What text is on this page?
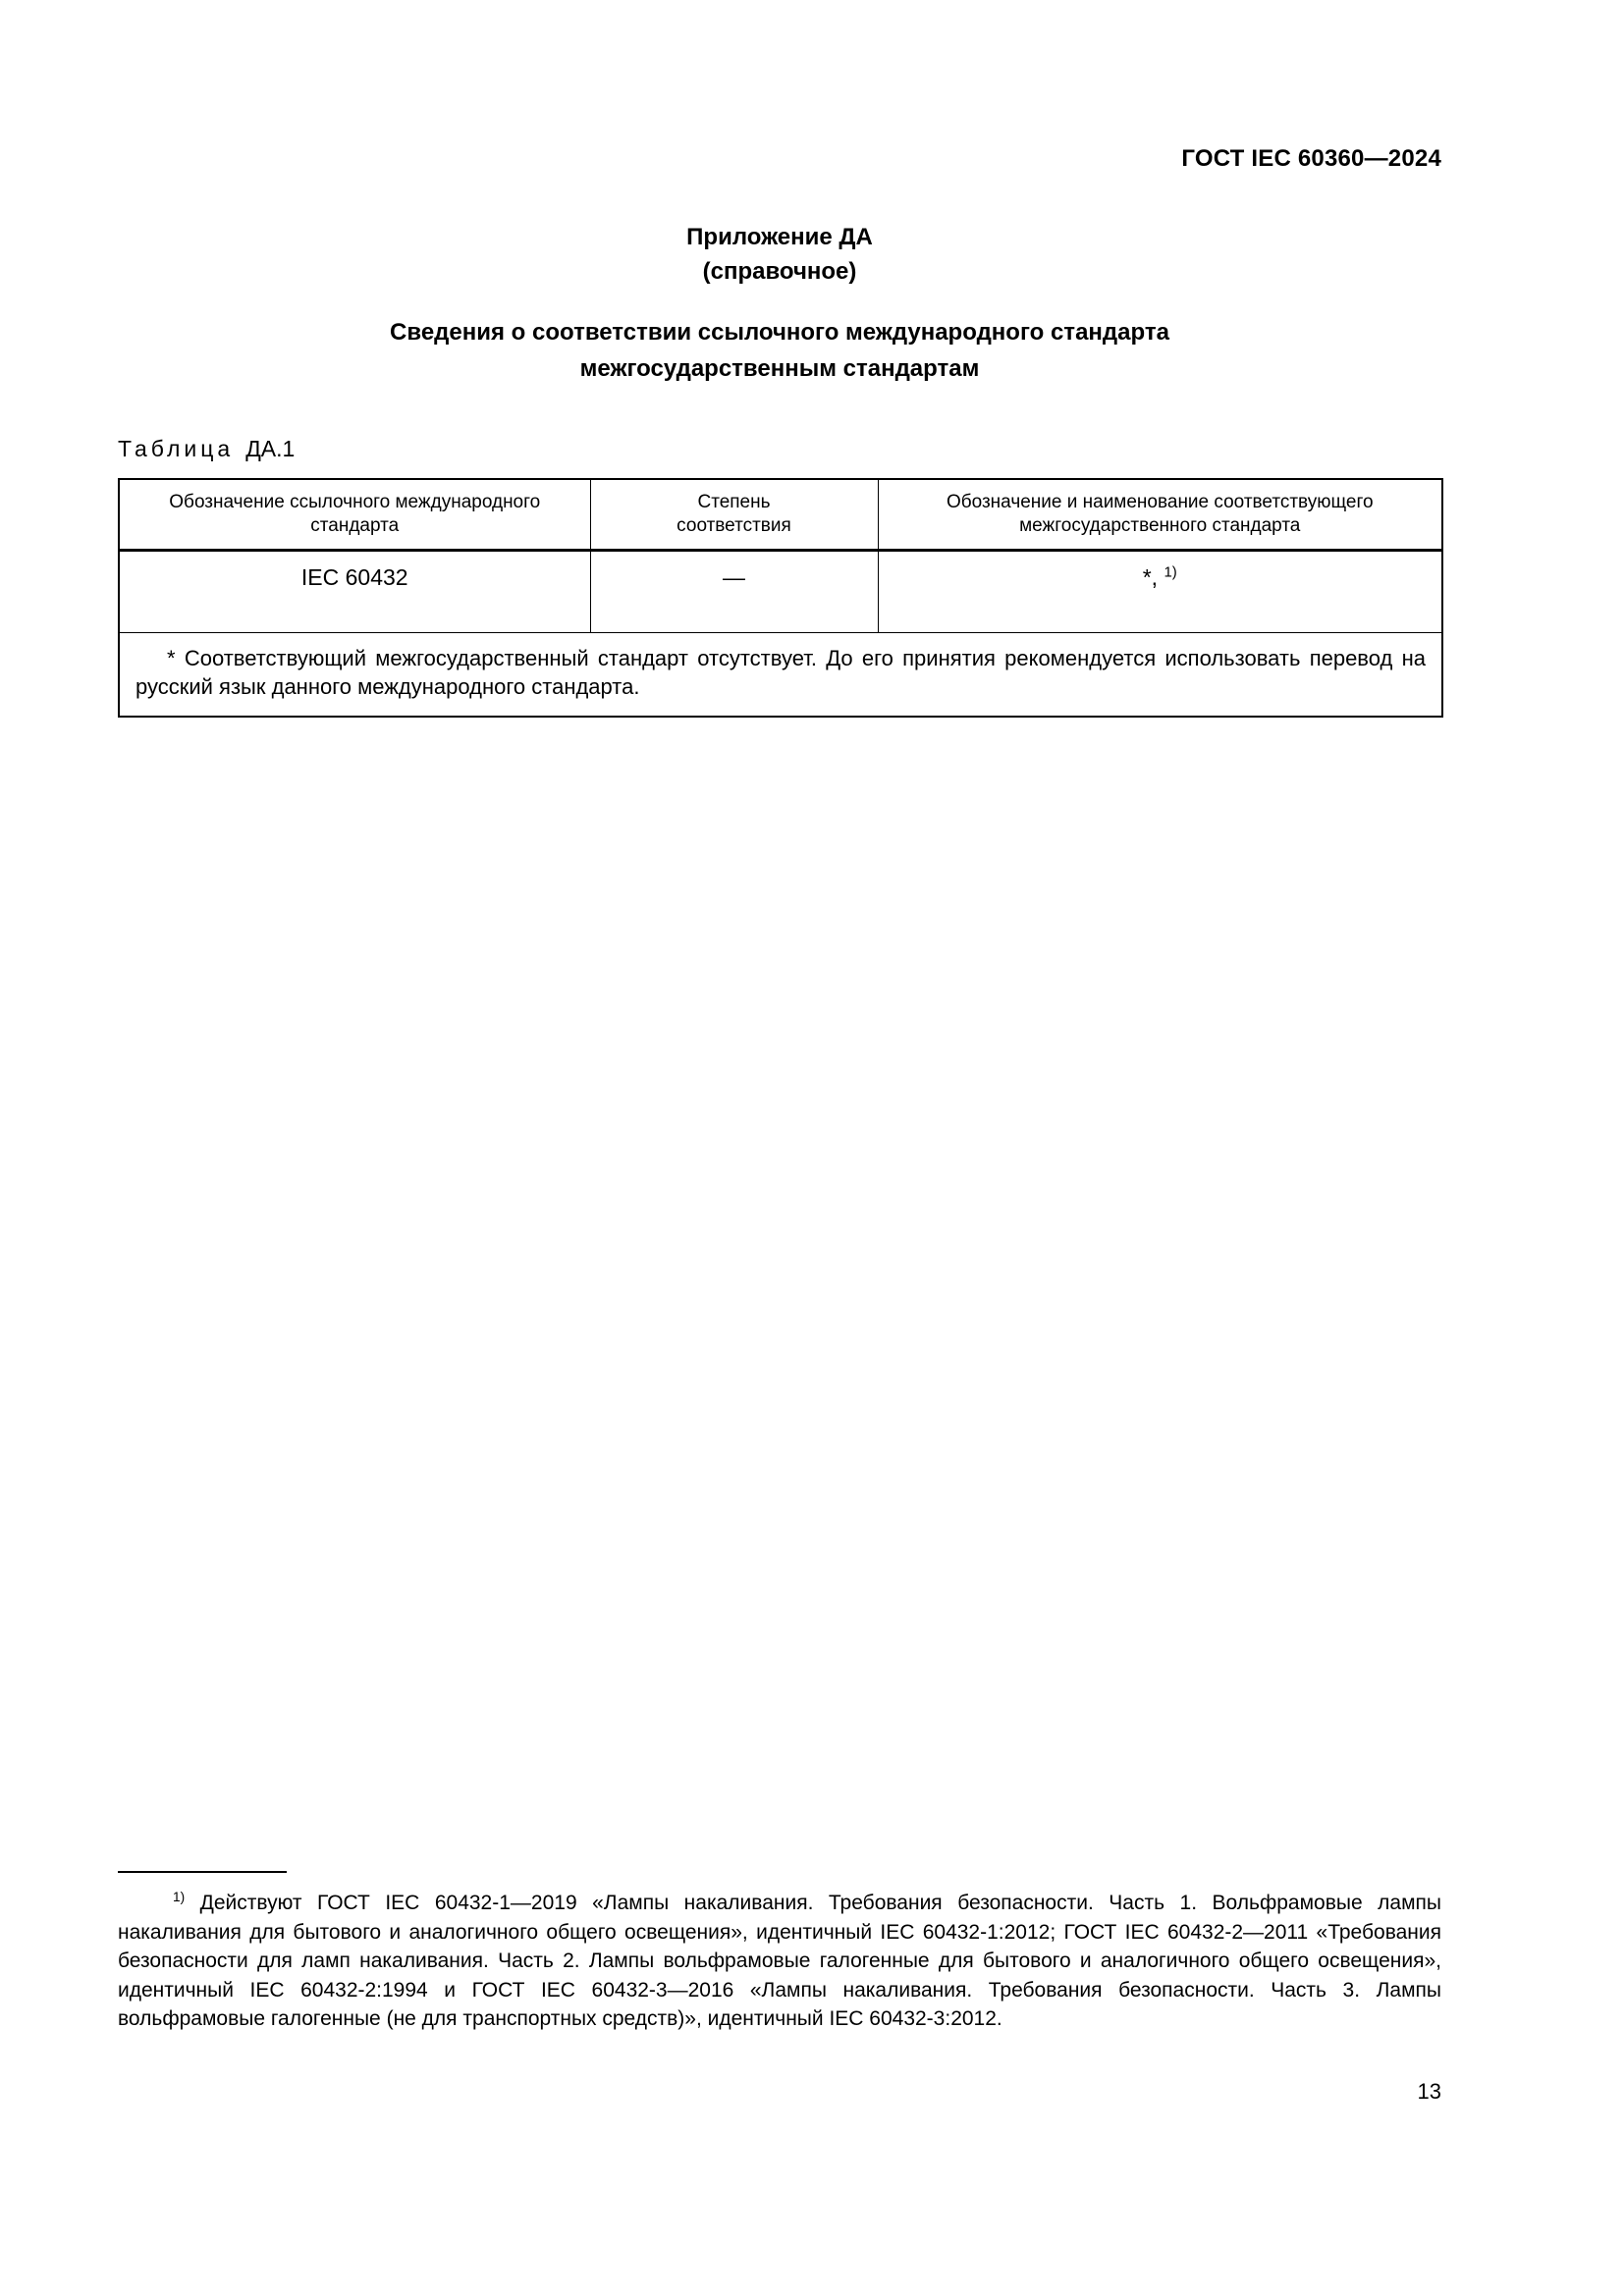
ГОСТ IEC 60360—2024
Приложение ДА
(справочное)
Сведения о соответствии ссылочного международного стандарта межгосударственным стандартам
Таблица ДА.1
Обозначение ссылочного международного стандарта	Степень соответствия	Обозначение и наименование соответствующего межгосударственного стандарта
IEC 60432	—	*, $^{1)}$
* Соответствующий межгосударственный стандарт отсутствует. До его принятия рекомендуется использовать перевод на русский язык данного международного стандарта.		
$^{1)}$ Действуют ГОСТ IEC 60432-1—2019 «Лампы накаливания. Требования безопасности. Часть 1. Вольфрамовые лампы накаливания для бытового и аналогичного общего освещения», идентичный IEC 60432-1:2012; ГОСТ IEC 60432-2—2011 «Требования безопасности для ламп накаливания. Часть 2. Лампы вольфрамовые галогенные для бытового и аналогичного общего освещения», идентичный IEC 60432-2:1994 и ГОСТ IEC 60432-3—2016 «Лампы накаливания. Требования безопасности. Часть 3. Лампы вольфрамовые галогенные (не для транспортных средств)», идентичный IEC 60432-3:2012.
13
